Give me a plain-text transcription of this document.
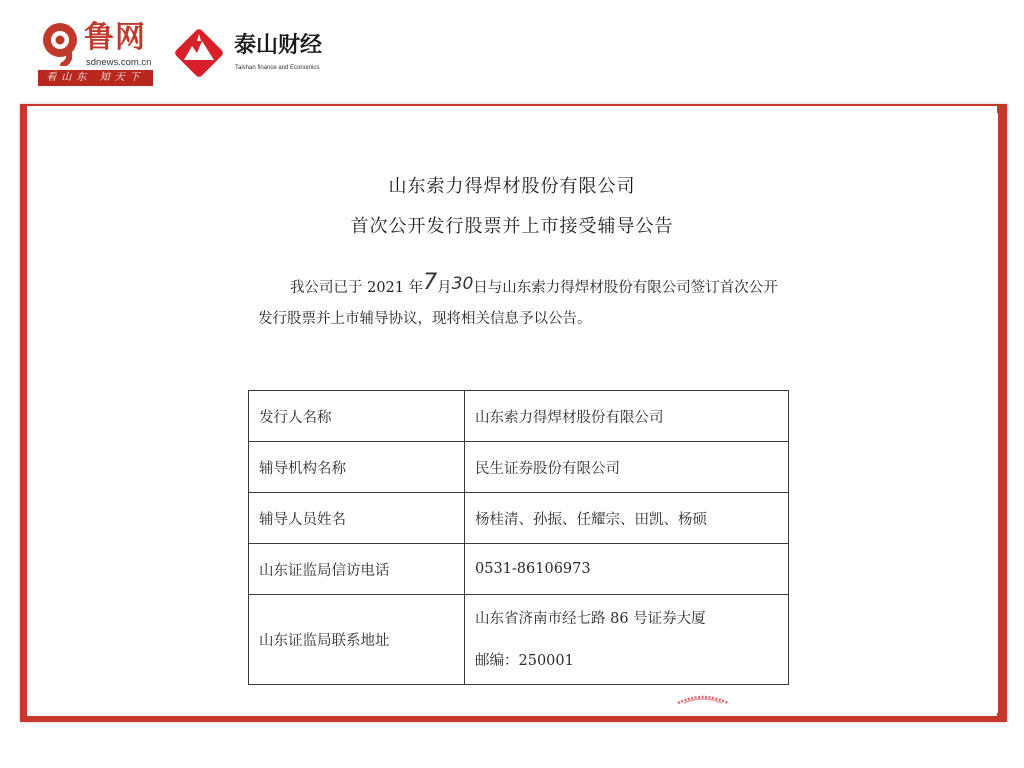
鲁网
sdnews.com.cn
看山东 知天下
泰山财经
Taishan finance and Economics
山东索力得焊材股份有限公司
首次公开发行股票并上市接受辅导公告
我公司已于 2021 年7月30日与山东索力得焊材股份有限公司签订首次公开
发行股票并上市辅导协议，现将相关信息予以公告。
发行人名称	山东索力得焊材股份有限公司
辅导机构名称	民生证券股份有限公司
辅导人员姓名	杨桂清、孙振、任耀宗、田凯、杨硕
山东证监局信访电话	0531-86106973
山东证监局联系地址	山东省济南市经七路 86 号证券大厦
邮编：250001
